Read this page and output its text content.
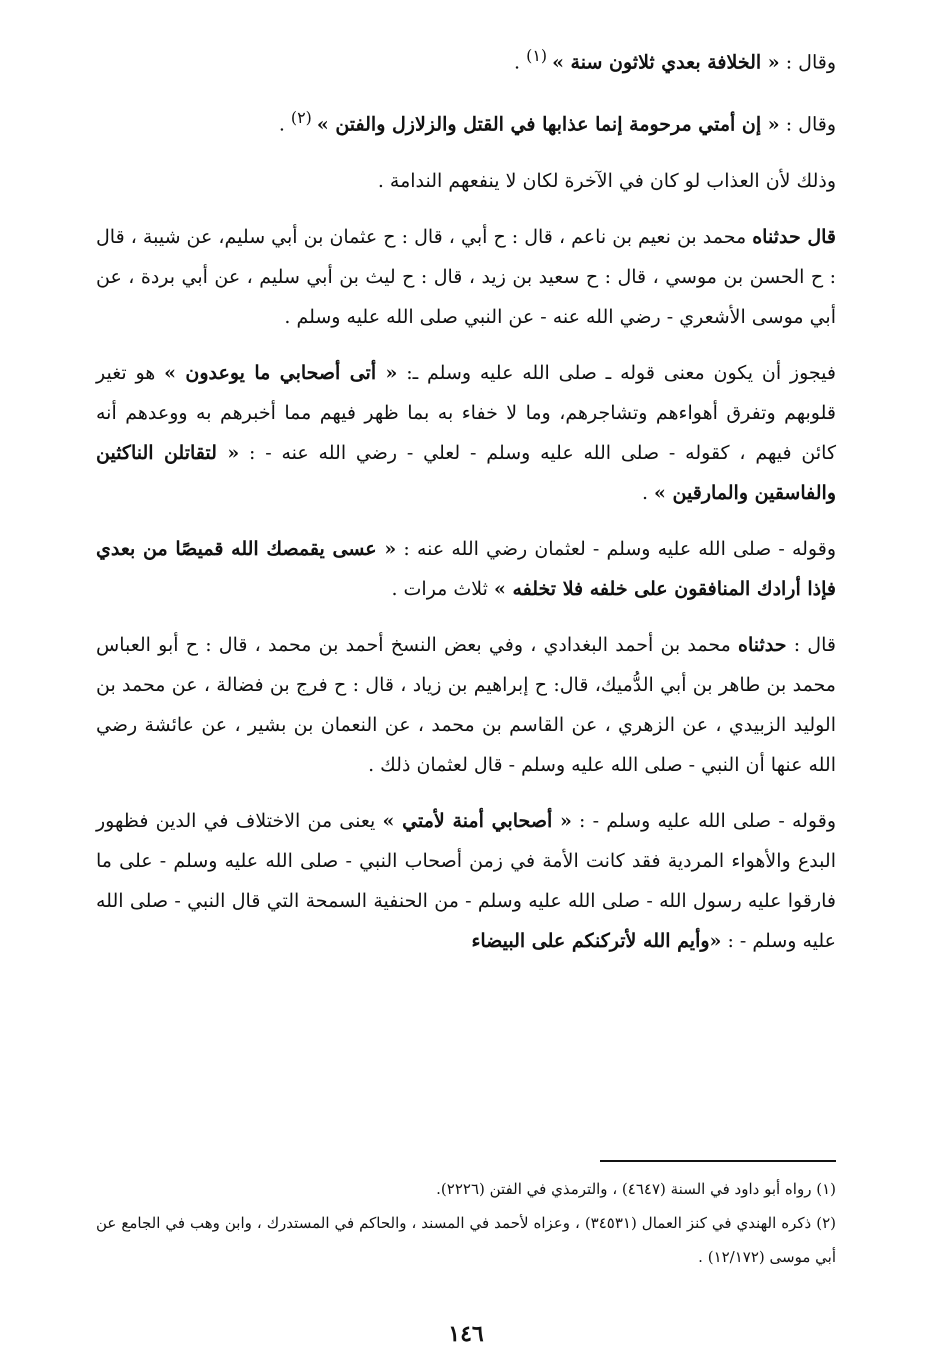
وقال : « الخلافة بعدي ثلاثون سنة » $^{(١)}$ .

وقال : « إن أمتي مرحومة إنما عذابها في القتل والزلازل والفتن » $^{(٢)}$ .

وذلك لأن العذاب لو كان في الآخرة لكان لا ينفعهم الندامة .

قال حدثناه محمد بن نعيم بن ناعم ، قال : ح أبي ، قال : ح عثمان بن أبي سليم، عن شيبة ، قال : ح الحسن بن موسي ، قال : ح سعيد بن زيد ، قال : ح ليث بن أبي سليم ، عن أبي بردة ، عن أبي موسى الأشعري - رضي الله عنه - عن النبي صلى الله عليه وسلم .

فيجوز أن يكون معنى قوله ـ صلى الله عليه وسلم ـ: « أتى أصحابي ما يوعدون » هو تغير قلوبهم وتفرق أهواءهم وتشاجرهم، وما لا خفاء به بما ظهر فيهم مما أخبرهم به ووعدهم أنه كائن فيهم ، كقوله - صلى الله عليه وسلم - لعلي - رضي الله عنه - : « لتقاتلن الناكثين والفاسقين والمارقين » .

وقوله - صلى الله عليه وسلم - لعثمان رضي الله عنه : « عسى يقمصك الله قميصًا من بعدي فإذا أرادك المنافقون على خلفه فلا تخلفه » ثلاث مرات .

قال : حدثناه محمد بن أحمد البغدادي ، وفي بعض النسخ أحمد بن محمد ، قال : ح أبو العباس محمد بن طاهر بن أبي الدُّميك، قال: ح إبراهيم بن زياد ، قال : ح فرج بن فضالة ، عن محمد بن الوليد الزبيدي ، عن الزهري ، عن القاسم بن محمد ، عن النعمان بن بشير ، عن عائشة رضي الله عنها أن النبي - صلى الله عليه وسلم - قال لعثمان ذلك .

وقوله - صلى الله عليه وسلم - : « أصحابي أمنة لأمتي » يعنى من الاختلاف في الدين فظهور البدع والأهواء المردية فقد كانت الأمة في زمن أصحاب النبي - صلى الله عليه وسلم - على ما فارقوا عليه رسول الله - صلى الله عليه وسلم - من الحنفية السمحة التي قال النبي - صلى الله عليه وسلم - : «وأيم الله لأتركنكم على البيضاء

(١) رواه أبو داود في السنة (٤٦٤٧) ، والترمذي في الفتن (٢٢٢٦).

(٢) ذكره الهندي في كنز العمال (٣٤٥٣١) ، وعزاه لأحمد في المسند ، والحاكم في المستدرك ، وابن وهب في الجامع عن أبي موسى (١٢/١٧٢) .

١٤٦
